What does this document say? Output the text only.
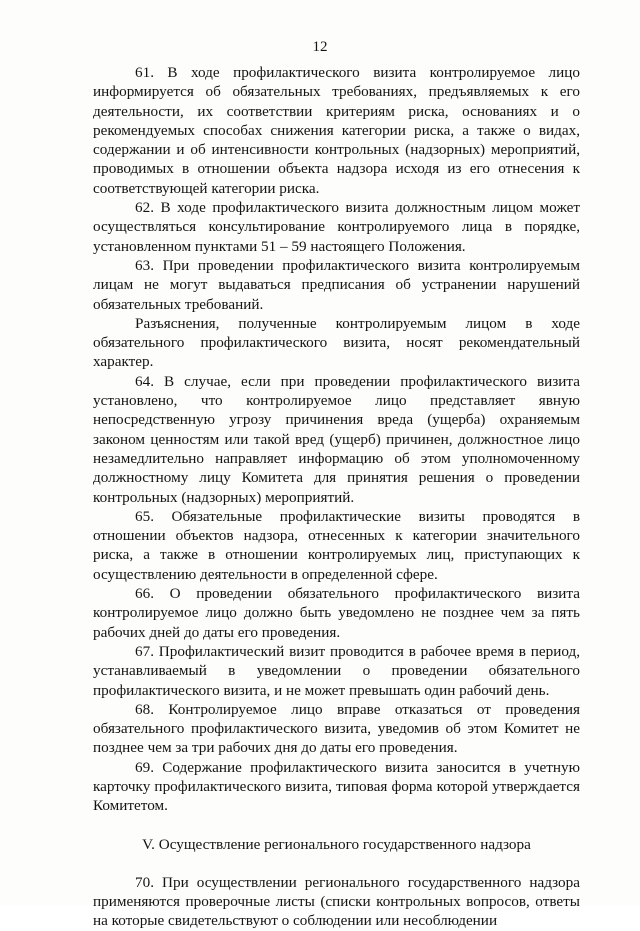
12

61. В ходе профилактического визита контролируемое лицо информируется об обязательных требованиях, предъявляемых к его деятельности, их соответствии критериям риска, основаниях и о рекомендуемых способах снижения категории риска, а также о видах, содержании и об интенсивности контрольных (надзорных) мероприятий, проводимых в отношении объекта надзора исходя из его отнесения к соответствующей категории риска.

62. В ходе профилактического визита должностным лицом может осуществляться консультирование контролируемого лица в порядке, установленном пунктами 51 – 59 настоящего Положения.

63. При проведении профилактического визита контролируемым лицам не могут выдаваться предписания об устранении нарушений обязательных требований.

Разъяснения, полученные контролируемым лицом в ходе обязательного профилактического визита, носят рекомендательный характер.

64. В случае, если при проведении профилактического визита установлено, что контролируемое лицо представляет явную непосредственную угрозу причинения вреда (ущерба) охраняемым законом ценностям или такой вред (ущерб) причинен, должностное лицо незамедлительно направляет информацию об этом уполномоченному должностному лицу Комитета для принятия решения о проведении контрольных (надзорных) мероприятий.

65. Обязательные профилактические визиты проводятся в отношении объектов надзора, отнесенных к категории значительного риска, а также в отношении контролируемых лиц, приступающих к осуществлению деятельности в определенной сфере.

66. О проведении обязательного профилактического визита контролируемое лицо должно быть уведомлено не позднее чем за пять рабочих дней до даты его проведения.

67. Профилактический визит проводится в рабочее время в период, устанавливаемый в уведомлении о проведении обязательного профилактического визита, и не может превышать один рабочий день.

68. Контролируемое лицо вправе отказаться от проведения обязательного профилактического визита, уведомив об этом Комитет не позднее чем за три рабочих дня до даты его проведения.

69. Содержание профилактического визита заносится в учетную карточку профилактического визита, типовая форма которой утверждается Комитетом.

V. Осуществление регионального государственного надзора

70. При осуществлении регионального государственного надзора применяются проверочные листы (списки контрольных вопросов, ответы на которые свидетельствуют о соблюдении или несоблюдении
